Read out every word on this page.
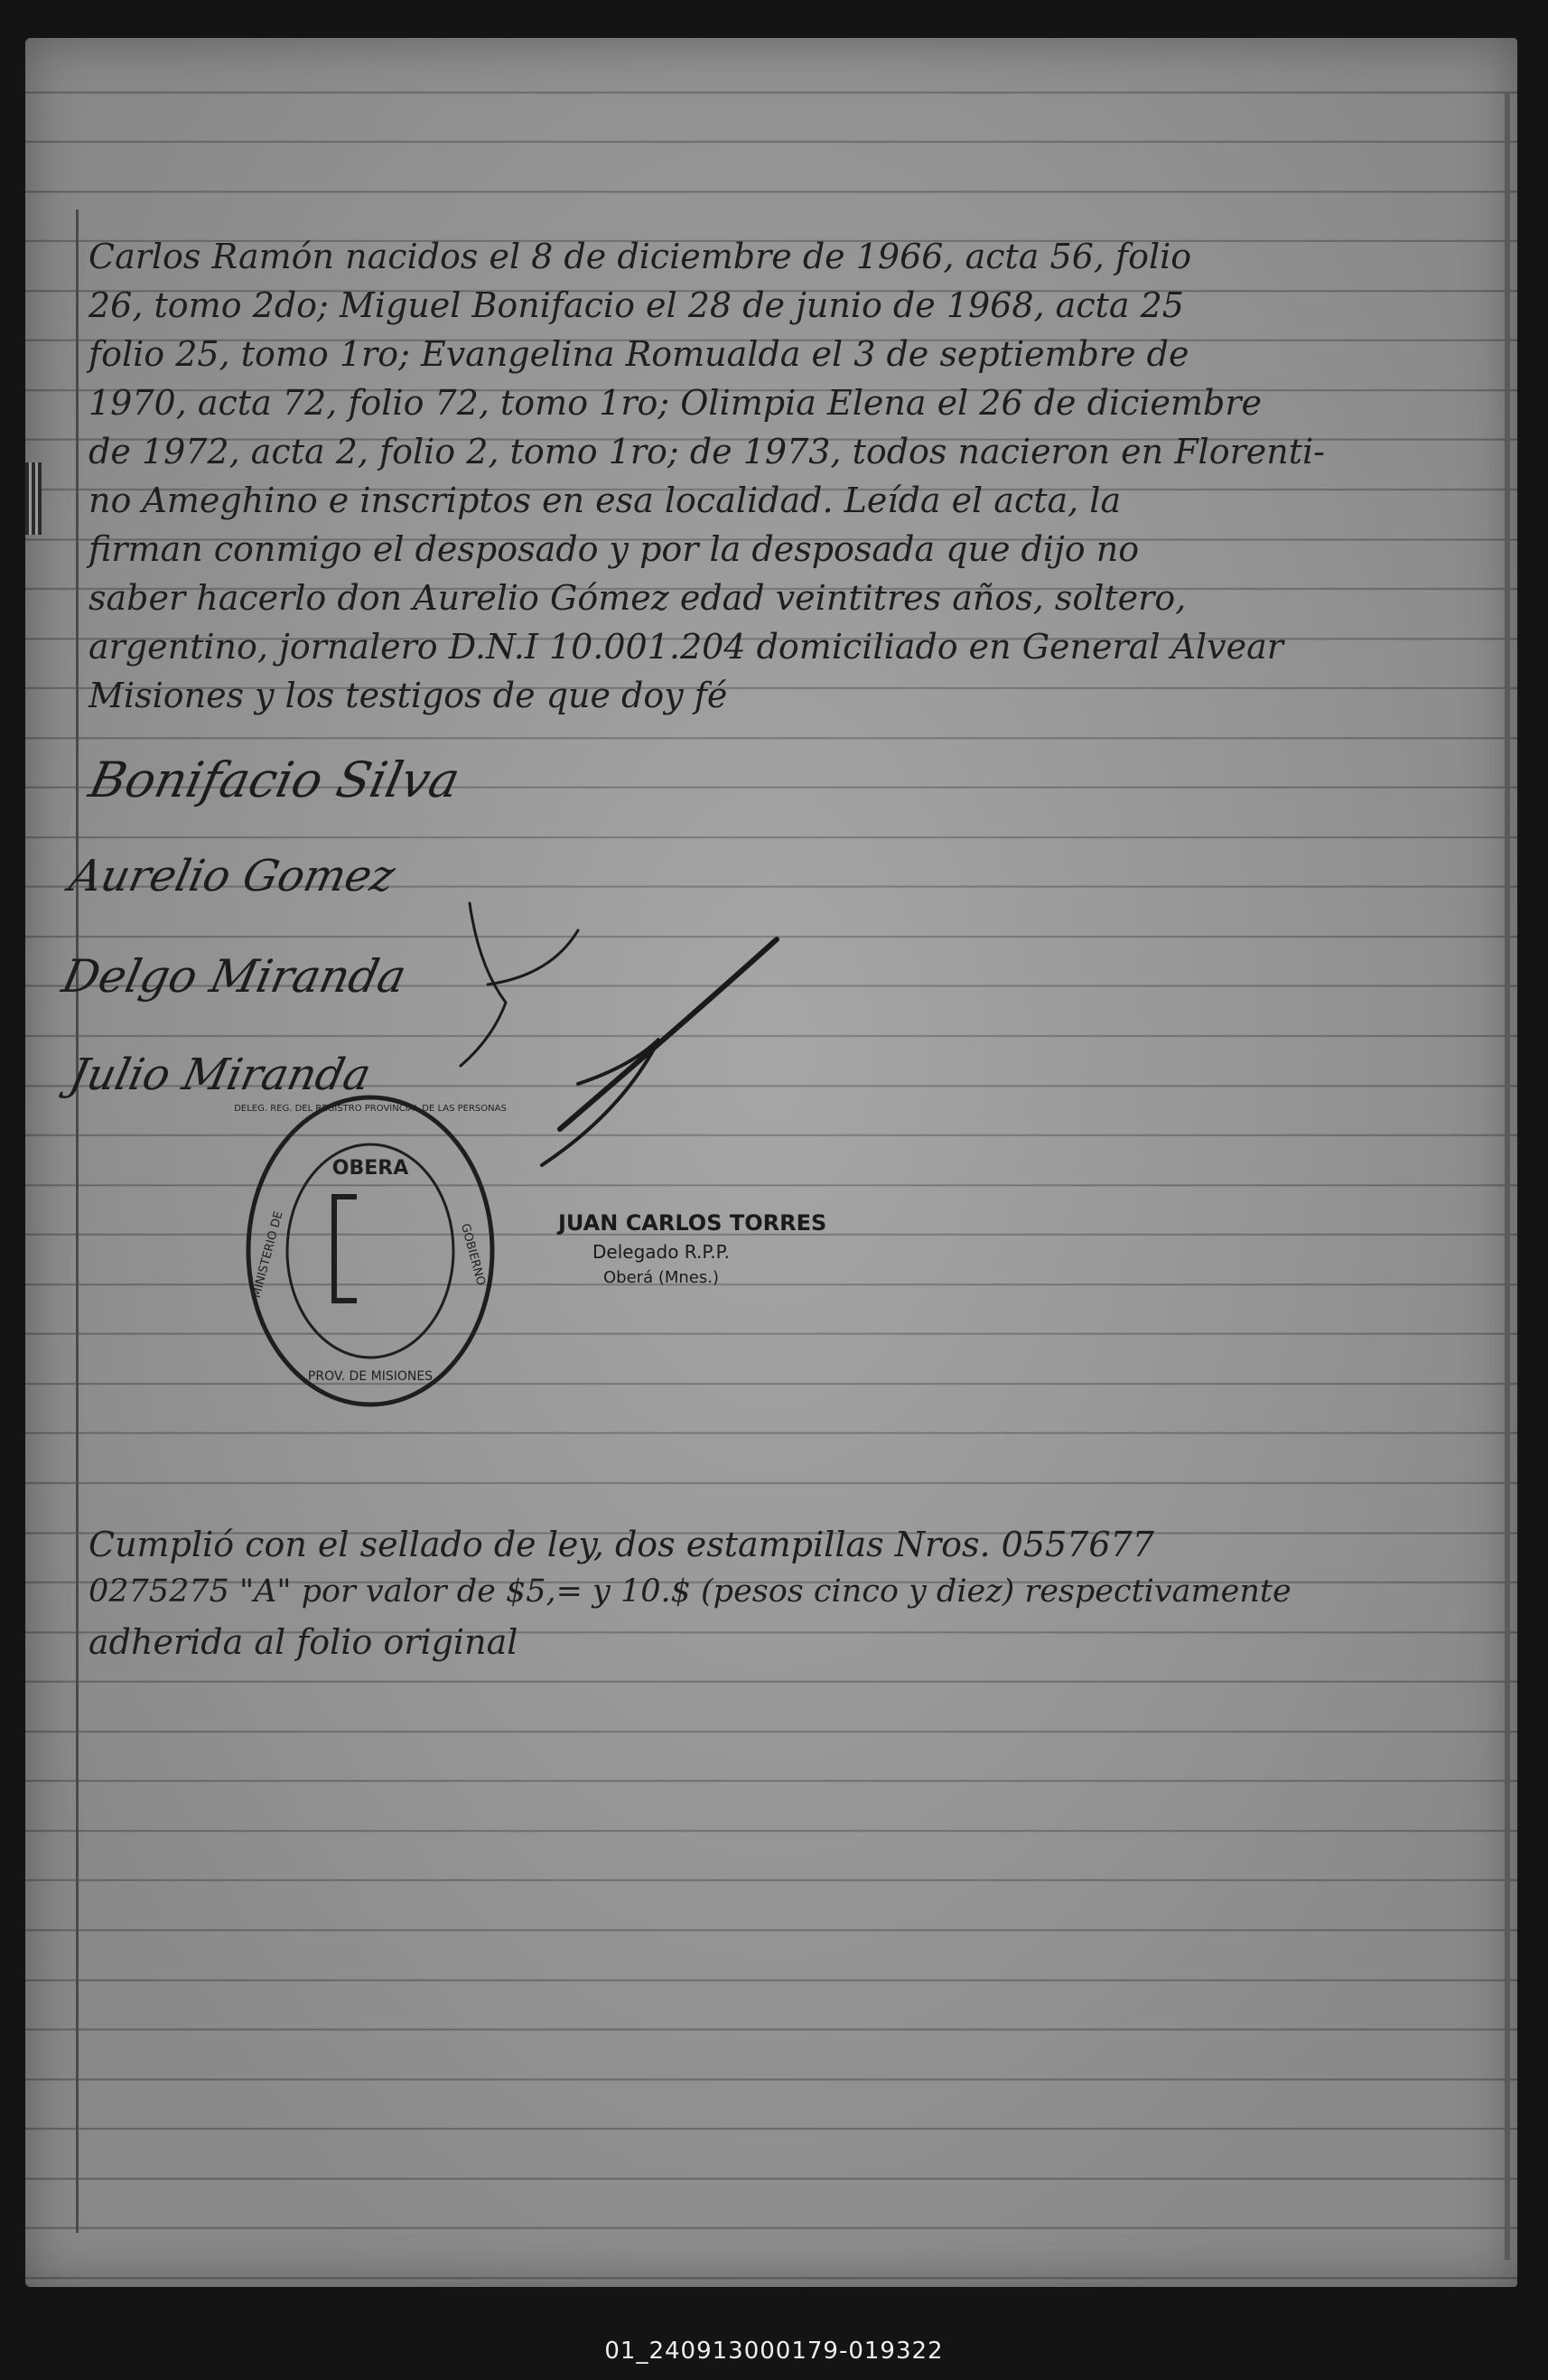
Carlos Ramón nacidos el 8 de diciembre de 1966, acta 56, folio
26, tomo 2do; Miguel Bonifacio el 28 de junio de 1968, acta 25
folio 25, tomo 1ro; Evangelina Romualda el 3 de septiembre de
1970, acta 72, folio 72, tomo 1ro; Olimpia Elena el 26 de diciembre
de 1972, acta 2, folio 2, tomo 1ro; de 1973, todos nacieron en Florenti-
no Ameghino e inscriptos en esa localidad. Leída el acta, la
firman conmigo el desposado y por la desposada que dijo no
saber hacerlo don Aurelio Gómez edad veintitres años, soltero,
argentino, jornalero D.N.I 10.001.204 domiciliado en General Alvear
Misiones y los testigos de que doy fé
Bonifacio Silva
Aurelio Gomez
Delgo Miranda
Julio Miranda
JUAN CARLOS TORRES
Delegado R.P.P.
Oberá (Mnes.)
Cumplió con el sellado de ley, dos estampillas Nros. 0557677
0275275 "A" por valor de $5,= y 10.$ (pesos cinco y diez) respectivamente
adherida al folio original
OBERA
MINISTERIO DE	GOBIERNO
PROV. DE MISIONES
DELEG. REG. DEL REGISTRO PROVINCIAL DE LAS PERSONAS
01_240913000179-019322
